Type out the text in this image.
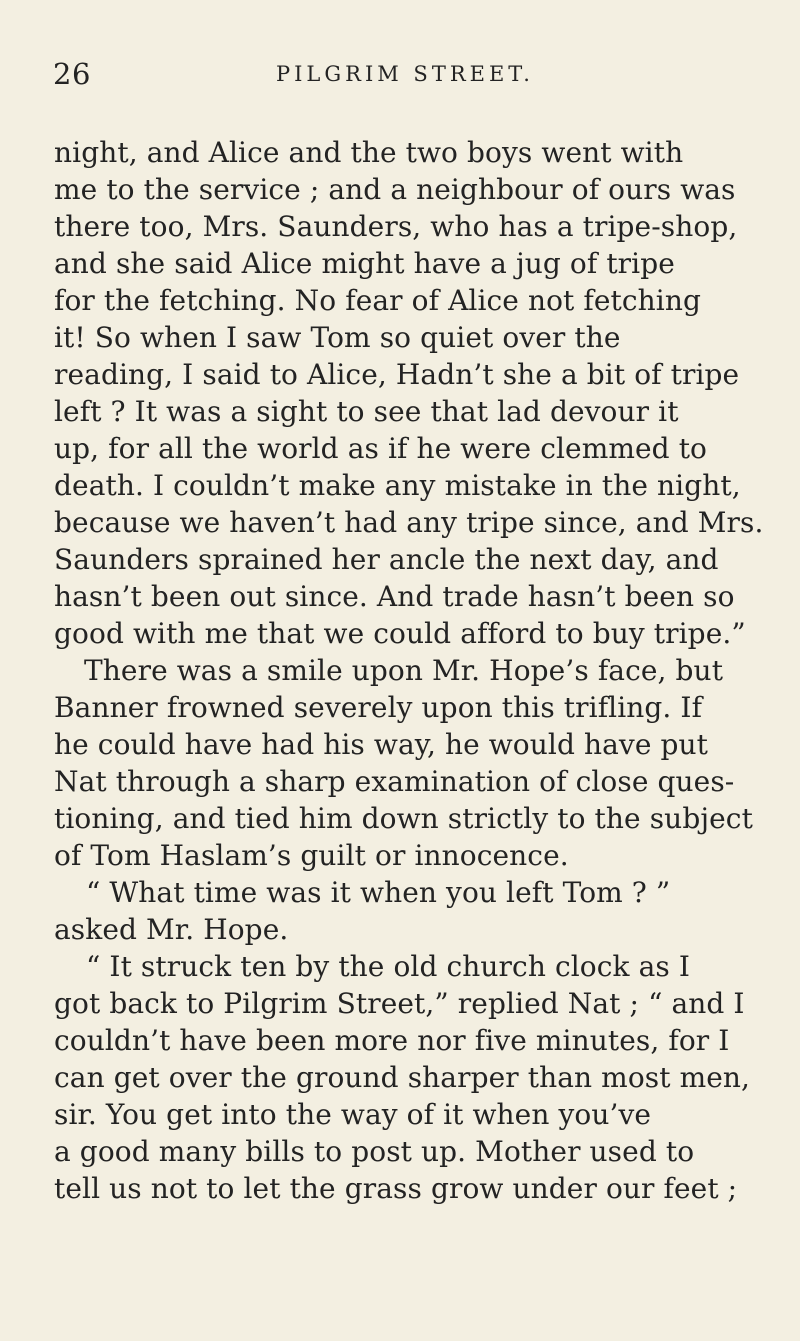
26	PILGRIM STREET.
night, and Alice and the two boys went with
me to the service ; and a neighbour of ours was
there too, Mrs. Saunders, who has a tripe-shop,
and she said Alice might have a jug of tripe
for the fetching. No fear of Alice not fetching
it! So when I saw Tom so quiet over the
reading, I said to Alice, Hadn’t she a bit of tripe
left ? It was a sight to see that lad devour it
up, for all the world as if he were clemmed to
death. I couldn’t make any mistake in the night,
because we haven’t had any tripe since, and Mrs.
Saunders sprained her ancle the next day, and
hasn’t been out since. And trade hasn’t been so
good with me that we could afford to buy tripe.”
There was a smile upon Mr. Hope’s face, but
Banner frowned severely upon this trifling. If
he could have had his way, he would have put
Nat through a sharp examination of close ques-
tioning, and tied him down strictly to the subject
of Tom Haslam’s guilt or innocence.
“ What time was it when you left Tom ? ”
asked Mr. Hope.
“ It struck ten by the old church clock as I
got back to Pilgrim Street,” replied Nat ; “ and I
couldn’t have been more nor five minutes, for I
can get over the ground sharper than most men,
sir. You get into the way of it when you’ve
a good many bills to post up. Mother used to
tell us not to let the grass grow under our feet ;
